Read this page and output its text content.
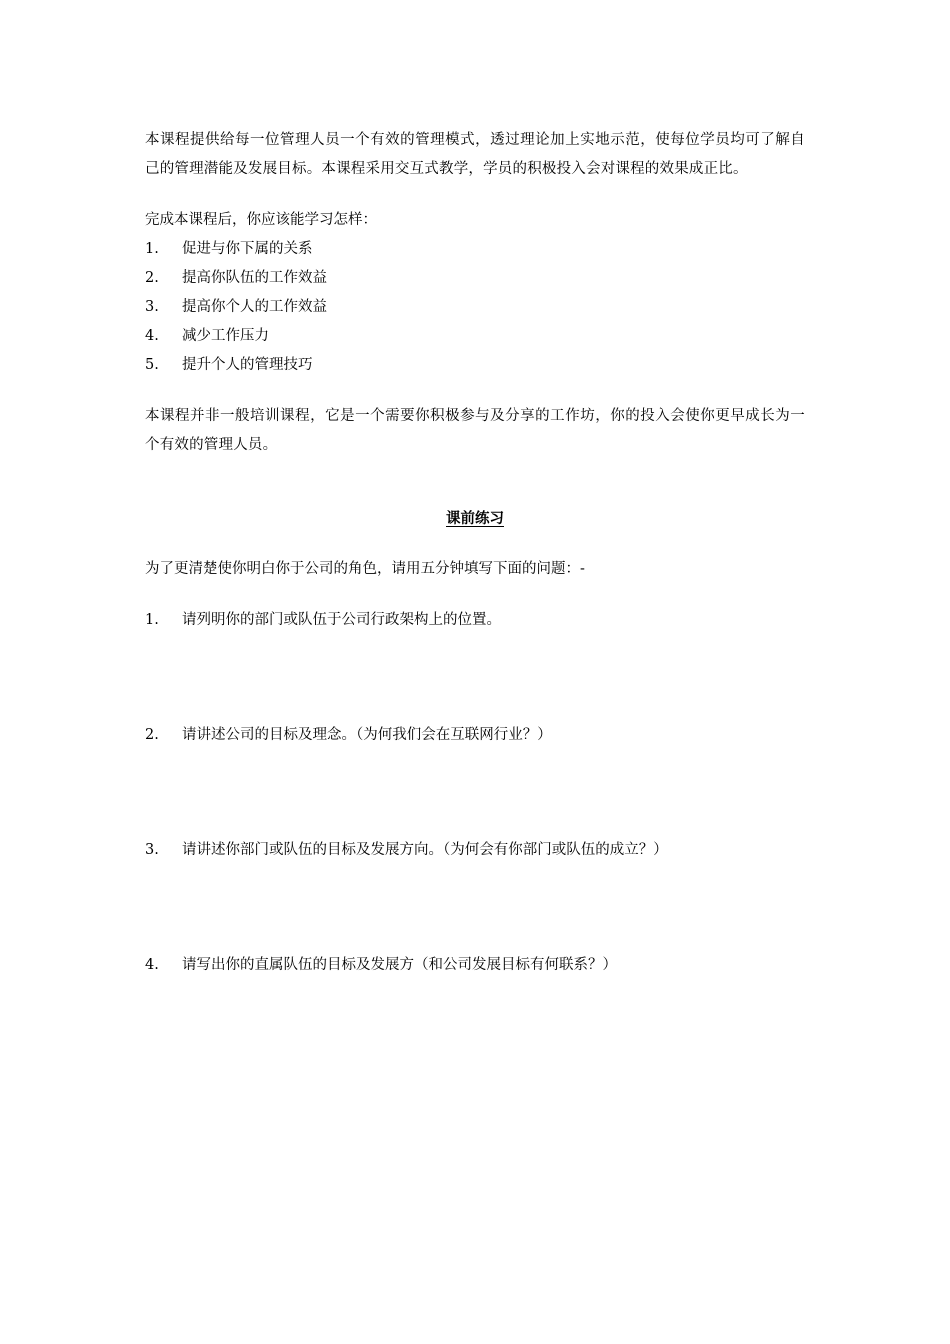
本课程提供给每一位管理人员一个有效的管理模式，透过理论加上实地示范，使每位学员均可了解自己的管理潜能及发展目标。本课程采用交互式教学，学员的积极投入会对课程的效果成正比。

完成本课程后，你应该能学习怎样：

1.	促进与你下属的关系
2.	提高你队伍的工作效益
3.	提高你个人的工作效益
4.	减少工作压力
5.	提升个人的管理技巧

本课程并非一般培训课程，它是一个需要你积极参与及分享的工作坊，你的投入会使你更早成长为一个有效的管理人员。

课前练习

为了更清楚使你明白你于公司的角色，请用五分钟填写下面的问题：-

1.	请列明你的部门或队伍于公司行政架构上的位置。
2.	请讲述公司的目标及理念。（为何我们会在互联网行业？）
3.	请讲述你部门或队伍的目标及发展方向。（为何会有你部门或队伍的成立？）
4.	请写出你的直属队伍的目标及发展方（和公司发展目标有何联系？）
